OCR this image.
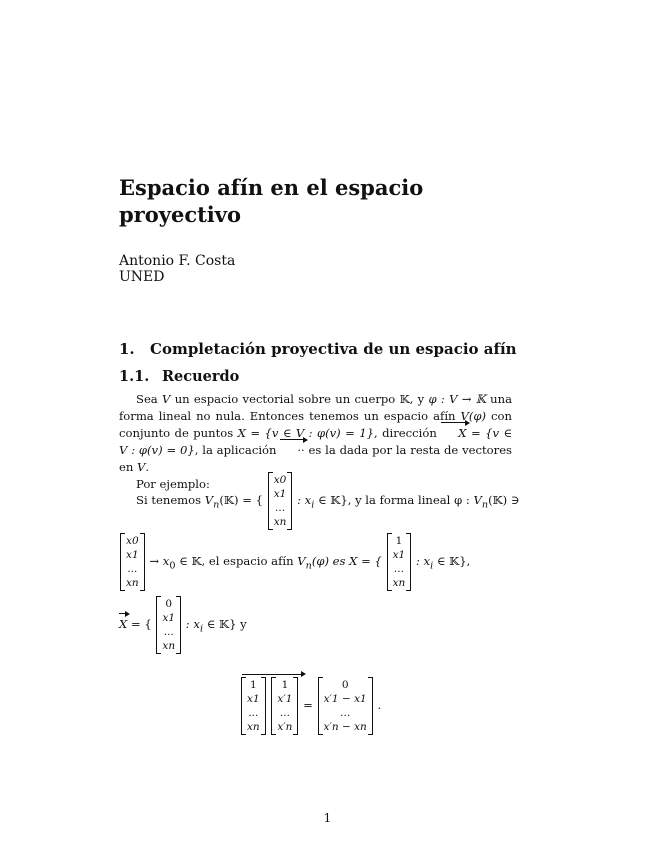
Espacio afín en el espacio proyectivo
Antonio F. Costa
UNED
1. Completación proyectiva de un espacio afín
1.1. Recuerdo

Sea V un espacio vectorial sobre un cuerpo 𝕂, y φ : V → 𝕂 una forma lineal no nula. Entonces tenemos un espacio afín V(φ) con conjunto de puntos X = {v ∈ V : φ(v) = 1}, dirección X = {v ∈ V : φ(v) = 0}, la aplicación ·· es la dada por la resta de vectores en V.

Por ejemplo:

Si tenemos $V_n(𝕂)$ = {
x0
x1
...
xn
: $x_i$ ∈ 𝕂}, y la forma lineal φ : $V_n(𝕂)$ ∋
x0
x1
...
xn
→ $x_0$ ∈ 𝕂, el espacio afín $V_n(\varphi)$ es X = {
1
x1
...
xn
: $x_i$ ∈ 𝕂},
X = {
0
x1
...
xn
: $x_i$ ∈ 𝕂} y
1
x1
...
xn

1
x′1
...
x′n
=
0
x′1 − x1
...
x′n − xn
.
1
